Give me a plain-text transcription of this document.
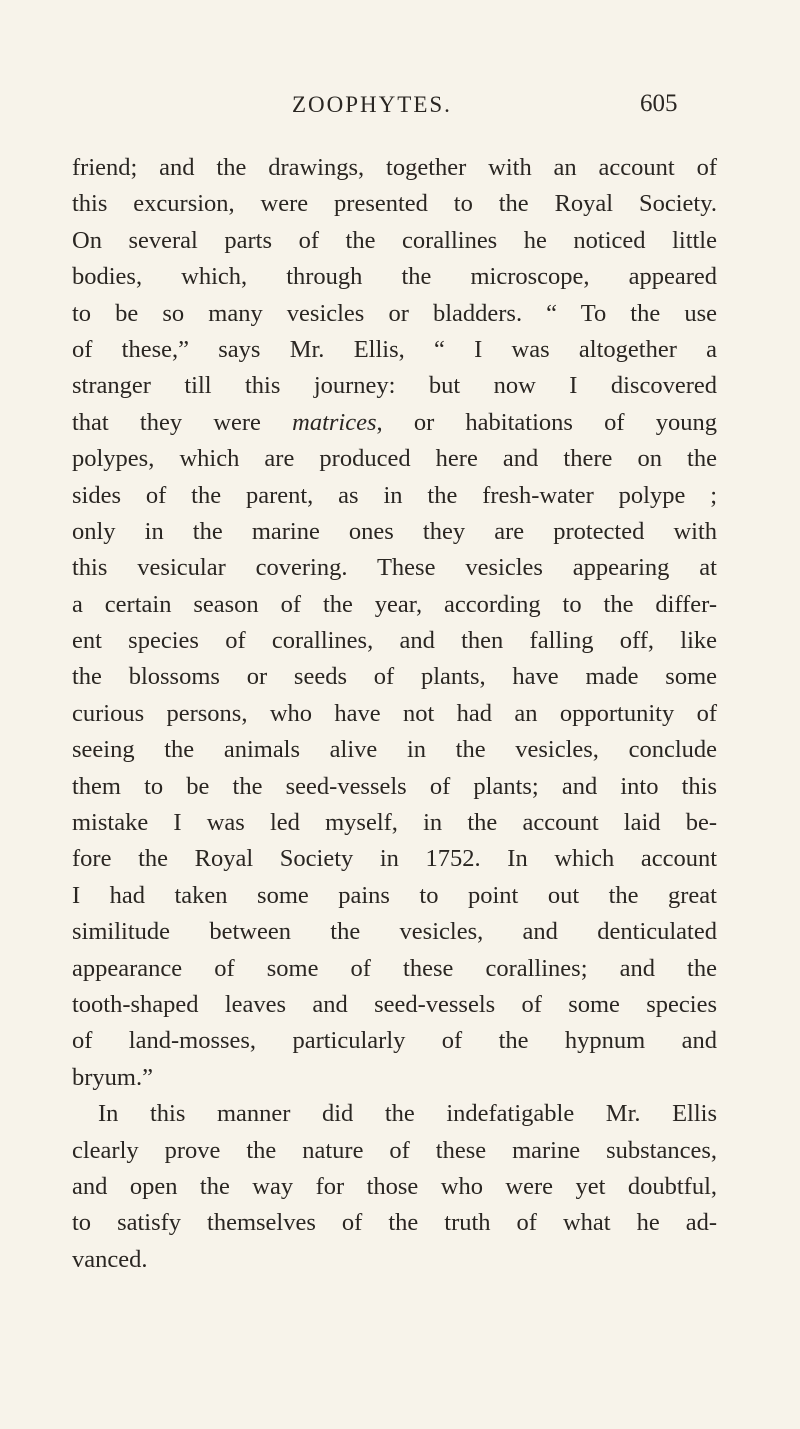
ZOOPHYTES.	605
friend; and the drawings, together with an account of
this excursion, were presented to the Royal Society.
On several parts of the corallines he noticed little
bodies, which, through the microscope, appeared
to be so many vesicles or bladders. “ To the use
of these,” says Mr. Ellis, “ I was altogether a
stranger till this journey: but now I discovered
that they were matrices, or habitations of young
polypes, which are produced here and there on the
sides of the parent, as in the fresh-water polype ;
only in the marine ones they are protected with
this vesicular covering. These vesicles appearing at
a certain season of the year, according to the differ-
ent species of corallines, and then falling off, like
the blossoms or seeds of plants, have made some
curious persons, who have not had an opportunity of
seeing the animals alive in the vesicles, conclude
them to be the seed-vessels of plants; and into this
mistake I was led myself, in the account laid be-
fore the Royal Society in 1752. In which account
I had taken some pains to point out the great
similitude between the vesicles, and denticulated
appearance of some of these corallines; and the
tooth-shaped leaves and seed-vessels of some species
of land-mosses, particularly of the hypnum and
bryum.”
In this manner did the indefatigable Mr. Ellis
clearly prove the nature of these marine substances,
and open the way for those who were yet doubtful,
to satisfy themselves of the truth of what he ad-
vanced.
